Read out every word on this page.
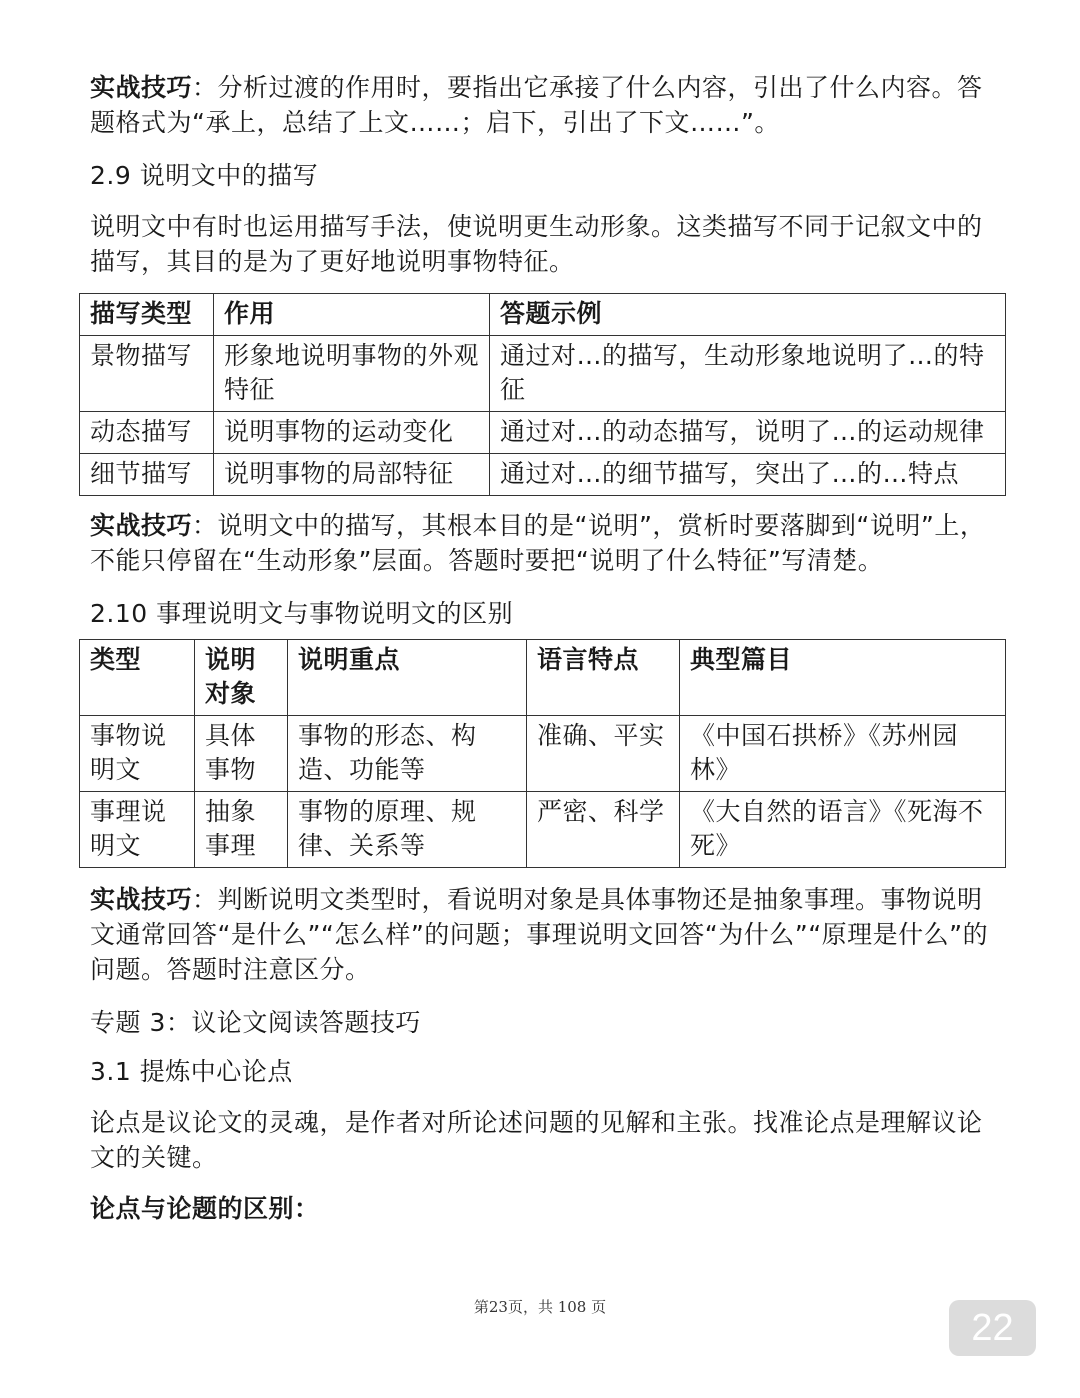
实战技巧：分析过渡的作用时，要指出它承接了什么内容，引出了什么内容。答题格式为“承上，总结了上文……；启下，引出了下文……”。

2.9 说明文中的描写

说明文中有时也运用描写手法，使说明更生动形象。这类描写不同于记叙文中的描写，其目的是为了更好地说明事物特征。

描写类型	作用	答题示例
景物描写	形象地说明事物的外观特征	通过对…的描写，生动形象地说明了…的特征
动态描写	说明事物的运动变化	通过对…的动态描写，说明了…的运动规律
细节描写	说明事物的局部特征	通过对…的细节描写，突出了…的…特点

实战技巧：说明文中的描写，其根本目的是“说明”，赏析时要落脚到“说明”上，不能只停留在“生动形象”层面。答题时要把“说明了什么特征”写清楚。

2.10 事理说明文与事物说明文的区别

类型	说明对象	说明重点	语言特点	典型篇目
事物说明文	具体事物	事物的形态、构造、功能等	准确、平实	《中国石拱桥》《苏州园林》
事理说明文	抽象事理	事物的原理、规律、关系等	严密、科学	《大自然的语言》《死海不死》

实战技巧：判断说明文类型时，看说明对象是具体事物还是抽象事理。事物说明文通常回答“是什么”“怎么样”的问题；事理说明文回答“为什么”“原理是什么”的问题。答题时注意区分。

专题 3：议论文阅读答题技巧

3.1 提炼中心论点

论点是议论文的灵魂，是作者对所论述问题的见解和主张。找准论点是理解议论文的关键。

论点与论题的区别：

第23页，共 108 页	22
